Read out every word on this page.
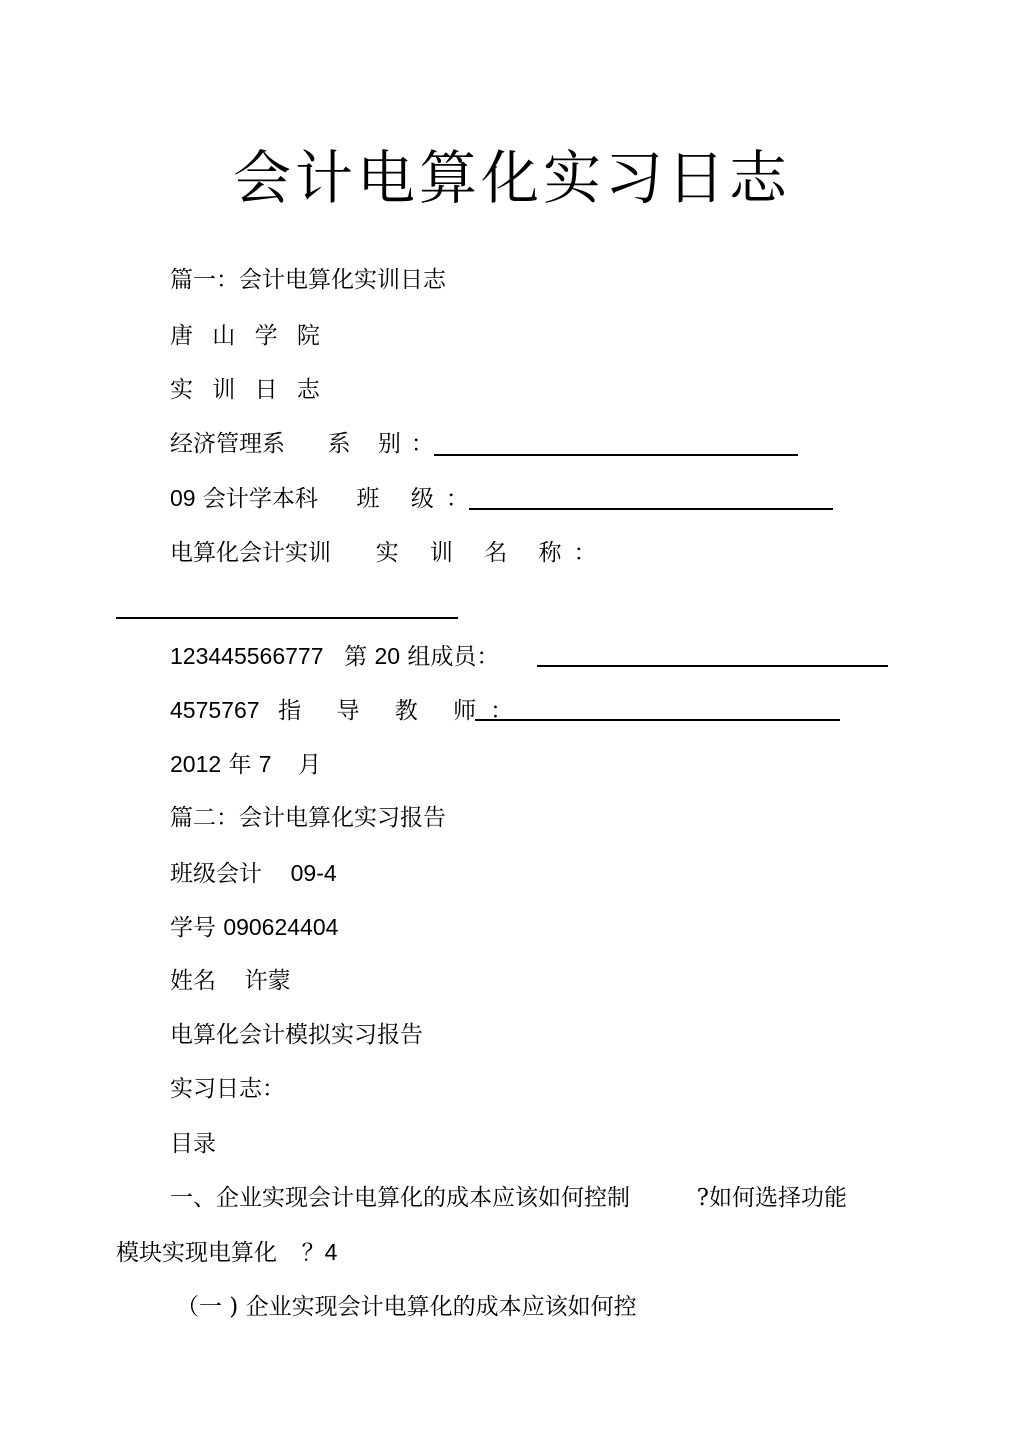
会计电算化实习日志
篇一：会计电算化实训日志
唐 山 学 院
实 训 日 志
经济管理系 系 别：
09 会计学本科 班 级：
电算化会计实训 实 训 名 称：
123445566777 第 20 组成员：
4575767 指 导 教 师：
2012 年 7 月
篇二：会计电算化实习报告
班级会计 09-4
学号 090624404
姓名 许蒙
电算化会计模拟实习报告
实习日志：
目录
一、企业实现会计电算化的成本应该如何控制	?如何选择功能
模块实现电算化 ？4
（一 ) 企业实现会计电算化的成本应该如何控
